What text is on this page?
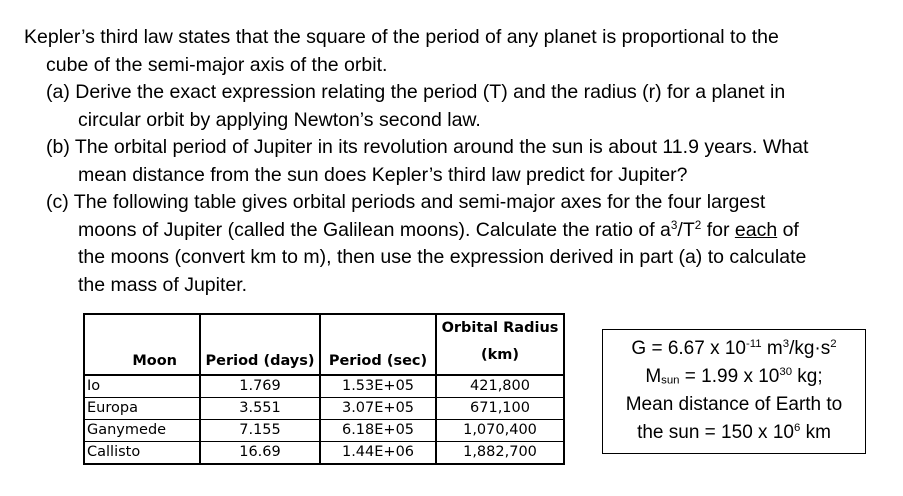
Kepler’s third law states that the square of the period of any planet is proportional to the
cube of the semi-major axis of the orbit.
(a) Derive the exact expression relating the period (T) and the radius (r) for a planet in
circular orbit by applying Newton’s second law.
(b) The orbital period of Jupiter in its revolution around the sun is about 11.9 years. What
mean distance from the sun does Kepler’s third law predict for Jupiter?
(c) The following table gives orbital periods and semi-major axes for the four largest
moons of Jupiter (called the Galilean moons). Calculate the ratio of $a^3/T^2$ for each of
the moons (convert km to m), then use the expression derived in part (a) to calculate
the mass of Jupiter.
Moon	Period (days)	Period (sec)	Orbital Radius
(km)

Io	1.769	1.53E+05	421,800
Europa	3.551	3.07E+05	671,100
Ganymede	7.155	6.18E+05	1,070,400
Callisto	16.69	1.44E+06	1,882,700
G = 6.67 x $10^{-11}$ $m^3/kg\cdot s^2$
$M_{sun} = 1.99$ x $10^{30}$ kg;
Mean distance of Earth to
the sun = 150 x $10^6$ km
